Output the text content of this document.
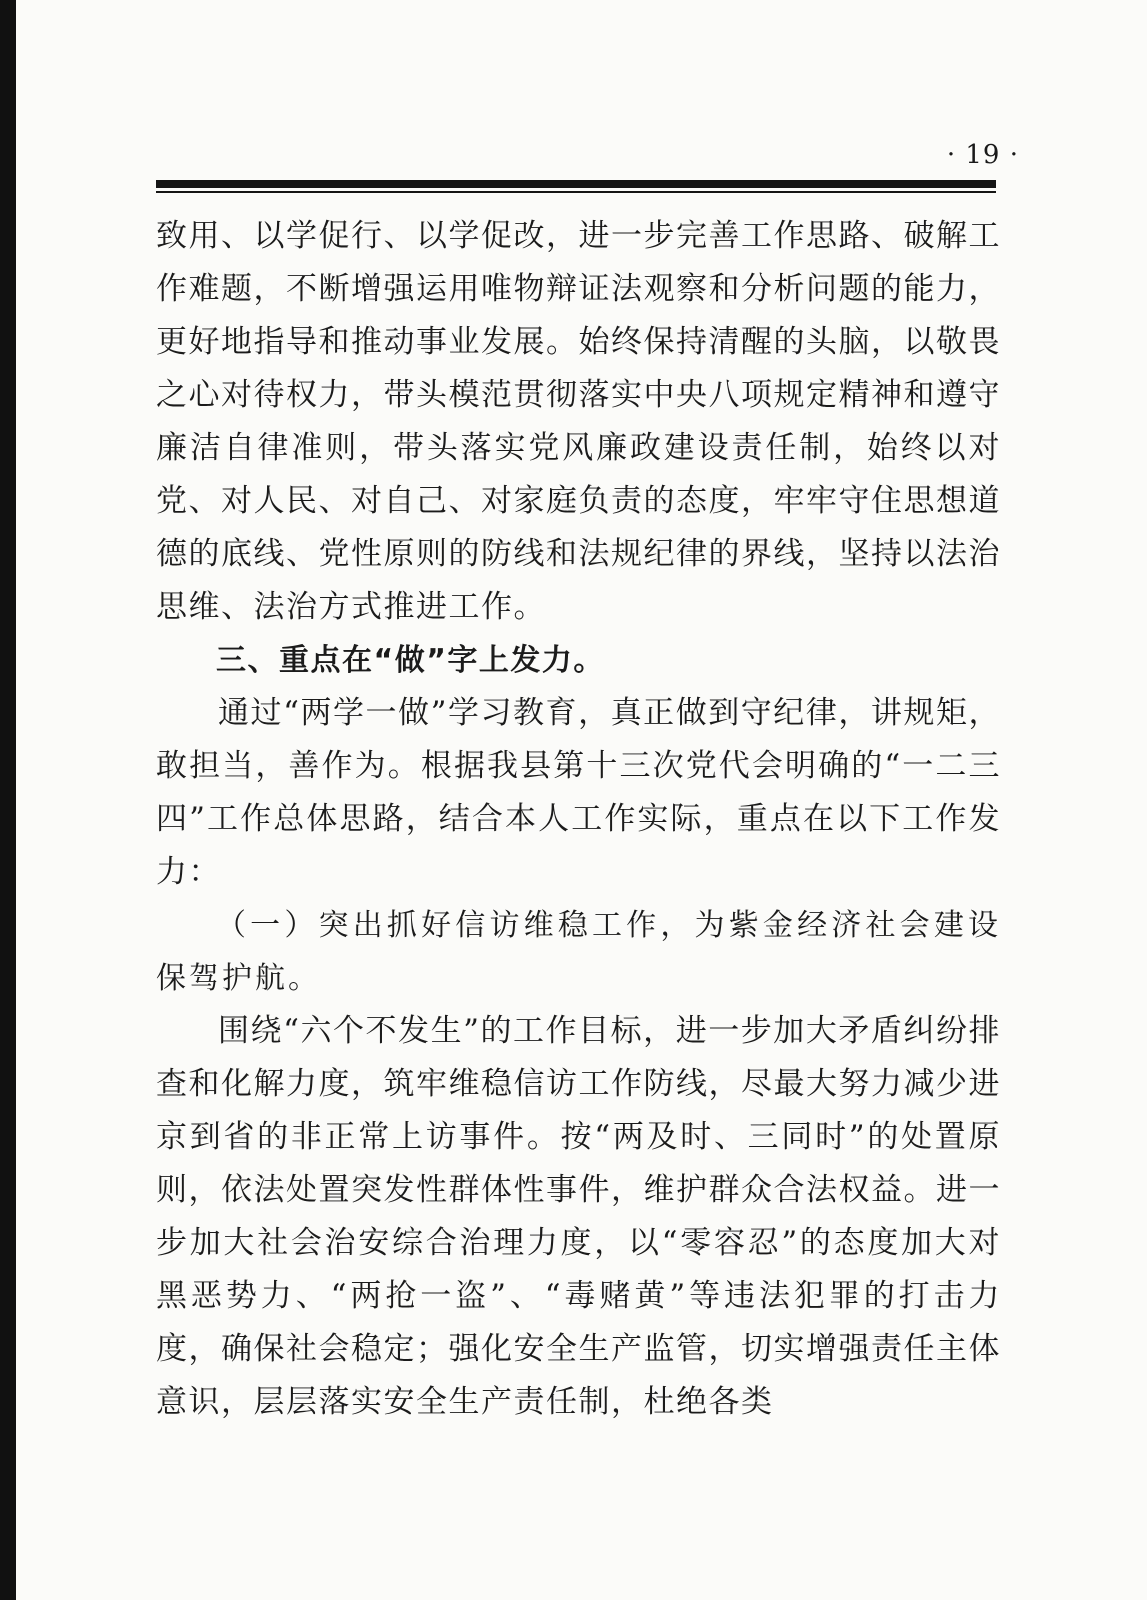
· 19 ·

致用、以学促行、以学促改，进一步完善工作思路、破解工作难题，不断增强运用唯物辩证法观察和分析问题的能力，更好地指导和推动事业发展。始终保持清醒的头脑，以敬畏之心对待权力，带头模范贯彻落实中央八项规定精神和遵守廉洁自律准则，带头落实党风廉政建设责任制，始终以对党、对人民、对自己、对家庭负责的态度，牢牢守住思想道德的底线、党性原则的防线和法规纪律的界线，坚持以法治思维、法治方式推进工作。

三、重点在“做”字上发力。

通过“两学一做”学习教育，真正做到守纪律，讲规矩，敢担当，善作为。根据我县第十三次党代会明确的“一二三四”工作总体思路，结合本人工作实际，重点在以下工作发力：

（一）突出抓好信访维稳工作，为紫金经济社会建设保驾护航。

围绕“六个不发生”的工作目标，进一步加大矛盾纠纷排查和化解力度，筑牢维稳信访工作防线，尽最大努力减少进京到省的非正常上访事件。按“两及时、三同时”的处置原则，依法处置突发性群体性事件，维护群众合法权益。进一步加大社会治安综合治理力度，以“零容忍”的态度加大对黑恶势力、“两抢一盗”、“毒赌黄”等违法犯罪的打击力度，确保社会稳定；强化安全生产监管，切实增强责任主体意识，层层落实安全生产责任制，杜绝各类
